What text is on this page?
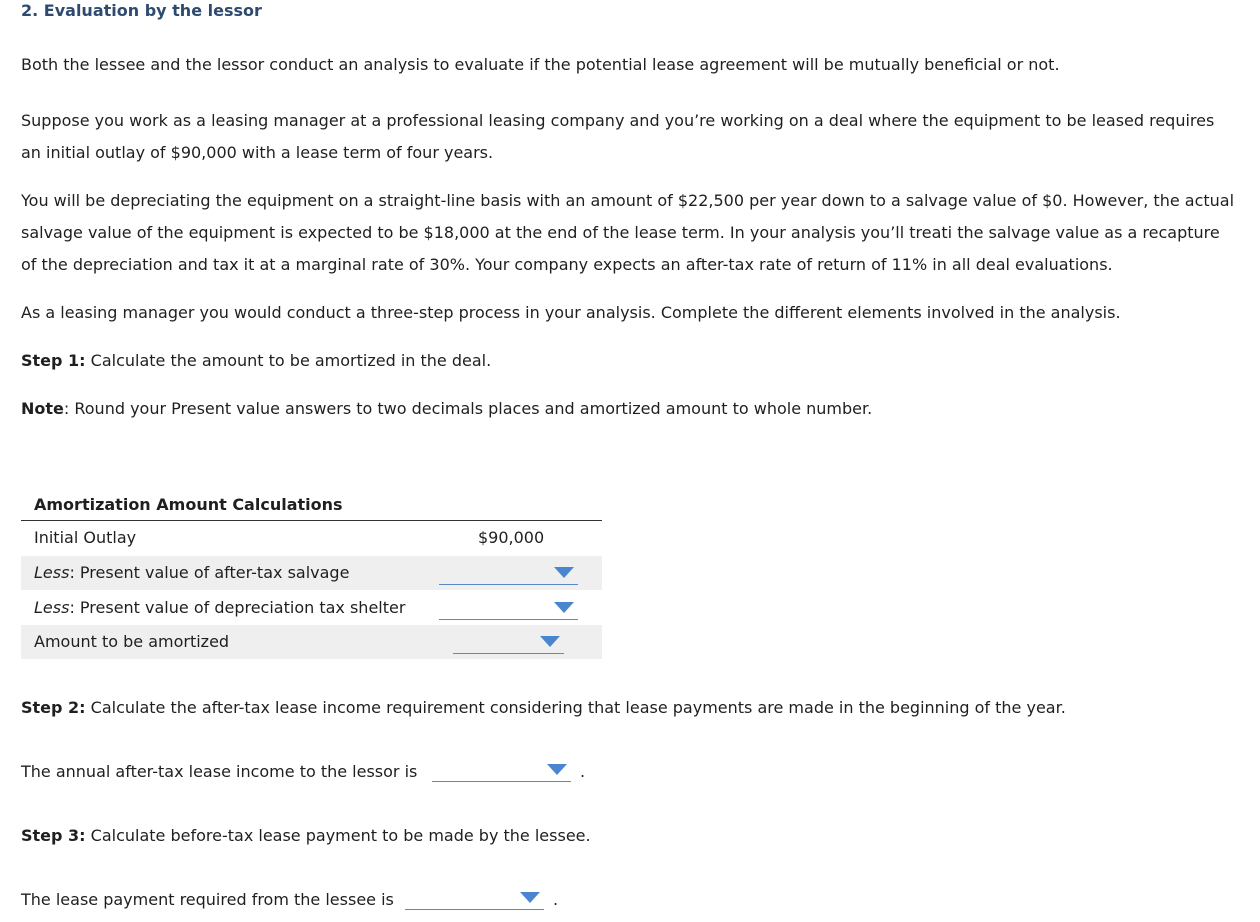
2. Evaluation by the lessor
Both the lessee and the lessor conduct an analysis to evaluate if the potential lease agreement will be mutually beneficial or not.
Suppose you work as a leasing manager at a professional leasing company and you’re working on a deal where the equipment to be leased requires
an initial outlay of $90,000 with a lease term of four years.
You will be depreciating the equipment on a straight-line basis with an amount of $22,500 per year down to a salvage value of $0. However, the actual
salvage value of the equipment is expected to be $18,000 at the end of the lease term. In your analysis you’ll treati the salvage value as a recapture
of the depreciation and tax it at a marginal rate of 30%. Your company expects an after-tax rate of return of 11% in all deal evaluations.
As a leasing manager you would conduct a three-step process in your analysis. Complete the different elements involved in the analysis.
Step 1: Calculate the amount to be amortized in the deal.
Note: Round your Present value answers to two decimals places and amortized amount to whole number.
Amortization Amount Calculations
Initial Outlay	$90,000
Less: Present value of after-tax salvage
Less: Present value of depreciation tax shelter
Amount to be amortized
Step 2: Calculate the after-tax lease income requirement considering that lease payments are made in the beginning of the year.
The annual after-tax lease income to the lessor is	.
Step 3: Calculate before-tax lease payment to be made by the lessee.
The lease payment required from the lessee is	.
